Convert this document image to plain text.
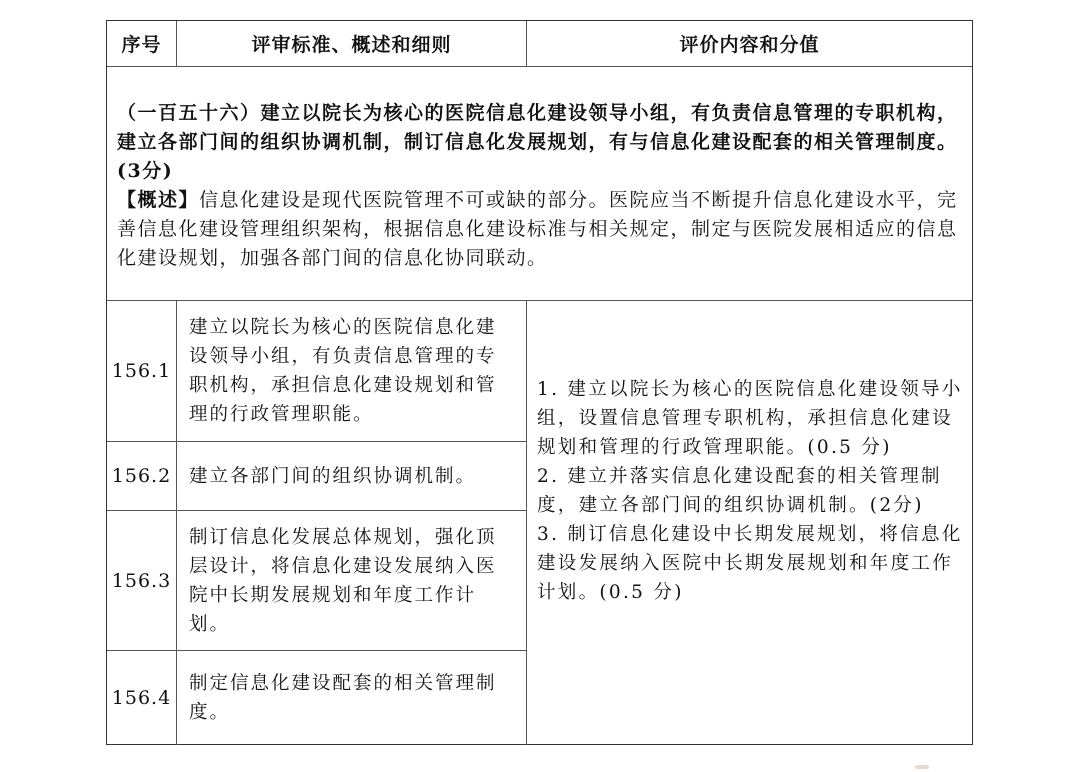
序号	评审标准、概述和细则	评价内容和分值

（一百五十六）建立以院长为核心的医院信息化建设领导小组，有负责信息管理的专职机构，建立各部门间的组织协调机制，制订信息化发展规划，有与信息化建设配套的相关管理制度。(3分)

【概述】信息化建设是现代医院管理不可或缺的部分。医院应当不断提升信息化建设水平，完善信息化建设管理组织架构，根据信息化建设标准与相关规定，制定与医院发展相适应的信息化建设规划，加强各部门间的信息化协同联动。

156.1
建立以院长为核心的医院信息化建设领导小组，有负责信息管理的专职机构，承担信息化建设规划和管理的行政管理职能。
156.2 建立各部门间的组织协调机制。
156.3
制订信息化发展总体规划，强化顶层设计，将信息化建设发展纳入医院中长期发展规划和年度工作计划。
156.4
制定信息化建设配套的相关管理制度。

1. 建立以院长为核心的医院信息化建设领导小组，设置信息管理专职机构，承担信息化建设规划和管理的行政管理职能。(0.5 分)

2. 建立并落实信息化建设配套的相关管理制度，建立各部门间的组织协调机制。(2分)

3. 制订信息化建设中长期发展规划，将信息化建设发展纳入医院中长期发展规划和年度工作计划。(0.5 分)
